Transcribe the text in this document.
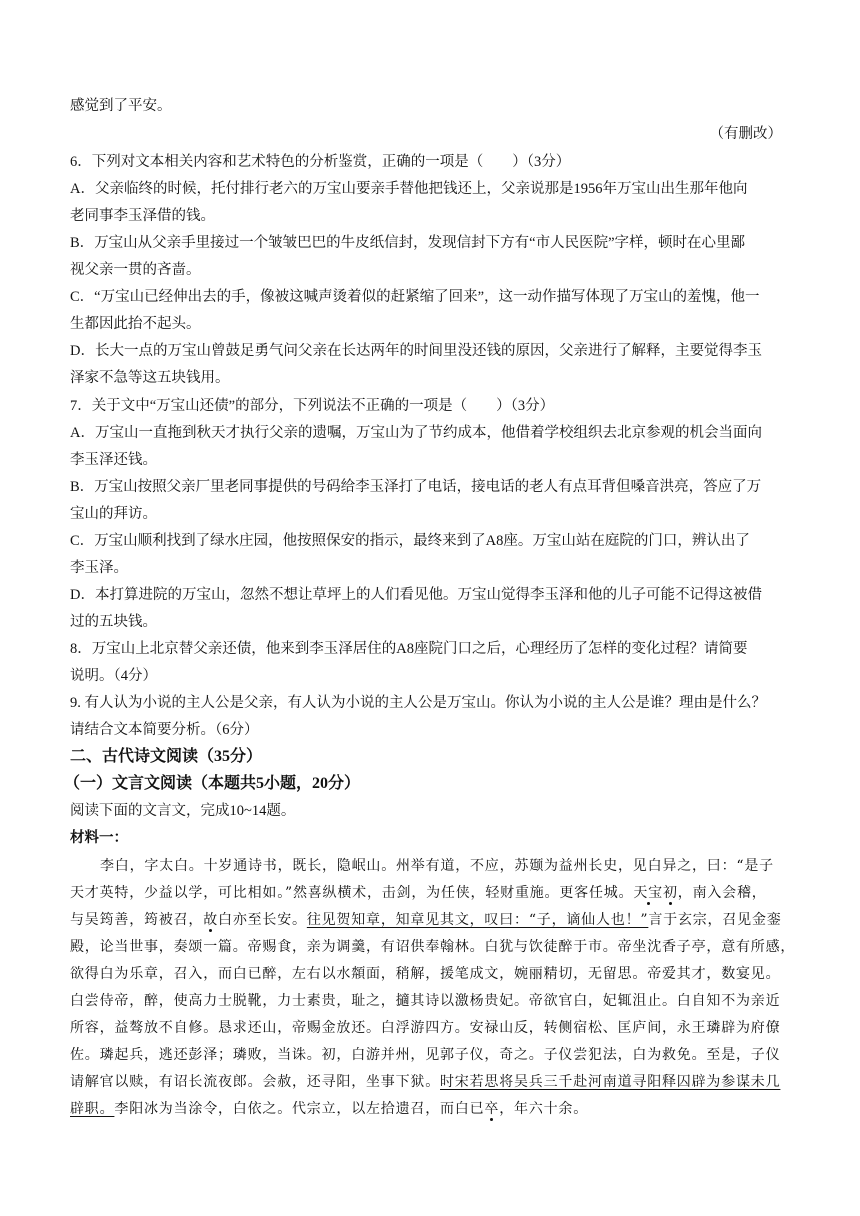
感觉到了平安。
（有删改）
6．下列对文本相关内容和艺术特色的分析鉴赏，正确的一项是（　　）（3分）
A．父亲临终的时候，托付排行老六的万宝山要亲手替他把钱还上，父亲说那是1956年万宝山出生那年他向
老同事李玉泽借的钱。
B．万宝山从父亲手里接过一个皱皱巴巴的牛皮纸信封，发现信封下方有“市人民医院”字样，顿时在心里鄙
视父亲一贯的吝啬。
C．“万宝山已经伸出去的手，像被这喊声烫着似的赶紧缩了回来”，这一动作描写体现了万宝山的羞愧，他一
生都因此抬不起头。
D．长大一点的万宝山曾鼓足勇气问父亲在长达两年的时间里没还钱的原因，父亲进行了解释，主要觉得李玉
泽家不急等这五块钱用。
7．关于文中“万宝山还债”的部分，下列说法不正确的一项是（　　）（3分）
A．万宝山一直拖到秋天才执行父亲的遗嘱，万宝山为了节约成本，他借着学校组织去北京参观的机会当面向
李玉泽还钱。
B．万宝山按照父亲厂里老同事提供的号码给李玉泽打了电话，接电话的老人有点耳背但嗓音洪亮，答应了万
宝山的拜访。
C．万宝山顺利找到了绿水庄园，他按照保安的指示，最终来到了A8座。万宝山站在庭院的门口，辨认出了
李玉泽。
D．本打算进院的万宝山，忽然不想让草坪上的人们看见他。万宝山觉得李玉泽和他的儿子可能不记得这被借
过的五块钱。
8．万宝山上北京替父亲还债，他来到李玉泽居住的A8座院门口之后，心理经历了怎样的变化过程？请简要
说明。（4分）
9. 有人认为小说的主人公是父亲，有人认为小说的主人公是万宝山。你认为小说的主人公是谁？理由是什么？
请结合文本简要分析。（6分）
二、古代诗文阅读（35分）
（一）文言文阅读（本题共5小题，20分）
阅读下面的文言文，完成10~14题。
材料一：
李白，字太白。十岁通诗书，既长，隐岷山。州举有道，不应，苏颋为益州长史，见白异之，曰：“是子
天才英特，少益以学，可比相如。”然喜纵横术，击剑，为任侠，轻财重施。更客任城。天宝初，南入会稽，
与吴筠善，筠被召，故白亦至长安。往见贺知章，知章见其文，叹曰：“子，谪仙人也！”言于玄宗，召见金銮
殿，论当世事，奏颂一篇。帝赐食，亲为调羹，有诏供奉翰林。白犹与饮徒醉于市。帝坐沈香子亭，意有所感，
欲得白为乐章，召入，而白已醉，左右以水頮面，稍解，援笔成文，婉丽精切，无留思。帝爱其才，数宴见。
白尝侍帝，醉，使高力士脱靴，力士素贵，耻之，擿其诗以激杨贵妃。帝欲官白，妃辄沮止。白自知不为亲近
所容，益骜放不自修。恳求还山，帝赐金放还。白浮游四方。安禄山反，转侧宿松、匡庐间，永王璘辟为府僚
佐。璘起兵，逃还彭泽；璘败，当诛。初，白游并州，见郭子仪，奇之。子仪尝犯法，白为救免。至是，子仪
请解官以赎，有诏长流夜郎。会赦，还寻阳，坐事下狱。时宋若思将吴兵三千赴河南道寻阳释囚辟为参谋未几
辟职。李阳冰为当涂令，白依之。代宗立，以左拾遗召，而白已卒，年六十余。
